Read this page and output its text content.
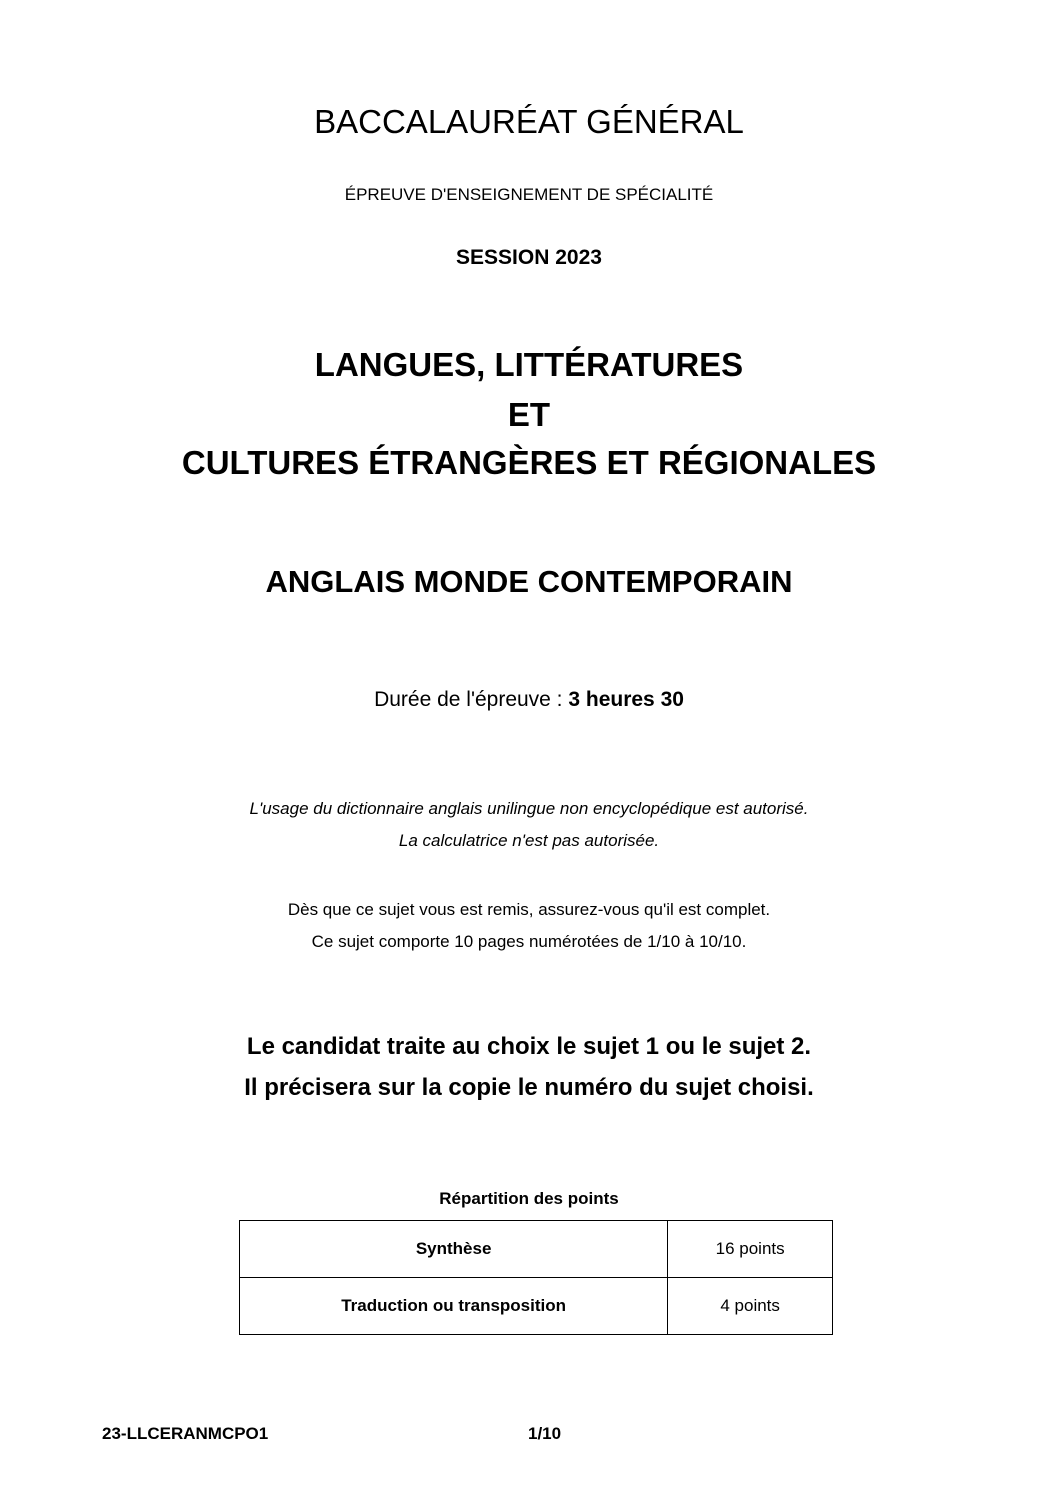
BACCALAURÉAT GÉNÉRAL
ÉPREUVE D'ENSEIGNEMENT DE SPÉCIALITÉ
SESSION 2023
LANGUES, LITTÉRATURES
ET
CULTURES ÉTRANGÈRES ET RÉGIONALES
ANGLAIS MONDE CONTEMPORAIN
Durée de l'épreuve : 3 heures 30
L'usage du dictionnaire anglais unilingue non encyclopédique est autorisé.
La calculatrice n'est pas autorisée.
Dès que ce sujet vous est remis, assurez-vous qu'il est complet.
Ce sujet comporte 10 pages numérotées de 1/10 à 10/10.
Le candidat traite au choix le sujet 1 ou le sujet 2.
Il précisera sur la copie le numéro du sujet choisi.
Répartition des points
Synthèse	16 points
Traduction ou transposition	4 points
23-LLCERANMCPO1	1/10
